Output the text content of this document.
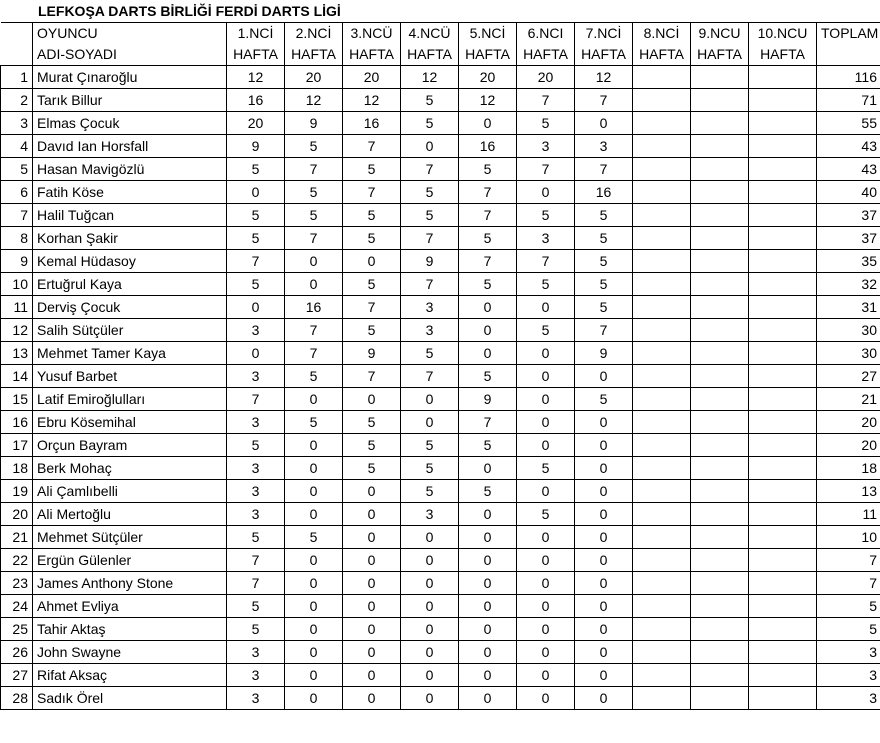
LEFKOŞA DARTS BİRLİĞİ FERDİ DARTS LİGİ
	OYUNCU	1.NCİ	2.NCİ	3.NCÜ	4.NCÜ	5.NCİ	6.NCI	7.NCİ	8.NCİ	9.NCU	10.NCU	TOPLAM
	ADI-SOYADI	HAFTA	HAFTA	HAFTA	HAFTA	HAFTA	HAFTA	HAFTA	HAFTA	HAFTA	HAFTA	
1	Murat Çınaroğlu	12	20	20	12	20	20	12				116
2	Tarık Billur	16	12	12	5	12	7	7				71
3	Elmas Çocuk	20	9	16	5	0	5	0				55
4	Davıd Ian Horsfall	9	5	7	0	16	3	3				43
5	Hasan Mavigözlü	5	7	5	7	5	7	7				43
6	Fatih Köse	0	5	7	5	7	0	16				40
7	Halil Tuğcan	5	5	5	5	7	5	5				37
8	Korhan Şakir	5	7	5	7	5	3	5				37
9	Kemal Hüdasoy	7	0	0	9	7	7	5				35
10	Ertuğrul Kaya	5	0	5	7	5	5	5				32
11	Derviş Çocuk	0	16	7	3	0	0	5				31
12	Salih Sütçüler	3	7	5	3	0	5	7				30
13	Mehmet Tamer Kaya	0	7	9	5	0	0	9				30
14	Yusuf Barbet	3	5	7	7	5	0	0				27
15	Latif Emiroğlulları	7	0	0	0	9	0	5				21
16	Ebru Kösemihal	3	5	5	0	7	0	0				20
17	Orçun Bayram	5	0	5	5	5	0	0				20
18	Berk Mohaç	3	0	5	5	0	5	0				18
19	Ali Çamlıbelli	3	0	0	5	5	0	0				13
20	Ali Mertoğlu	3	0	0	3	0	5	0				11
21	Mehmet Sütçüler	5	5	0	0	0	0	0				10
22	Ergün Gülenler	7	0	0	0	0	0	0				7
23	James Anthony Stone	7	0	0	0	0	0	0				7
24	Ahmet Evliya	5	0	0	0	0	0	0				5
25	Tahir Aktaş	5	0	0	0	0	0	0				5
26	John Swayne	3	0	0	0	0	0	0				3
27	Rifat Aksaç	3	0	0	0	0	0	0				3
28	Sadık Örel	3	0	0	0	0	0	0				3
